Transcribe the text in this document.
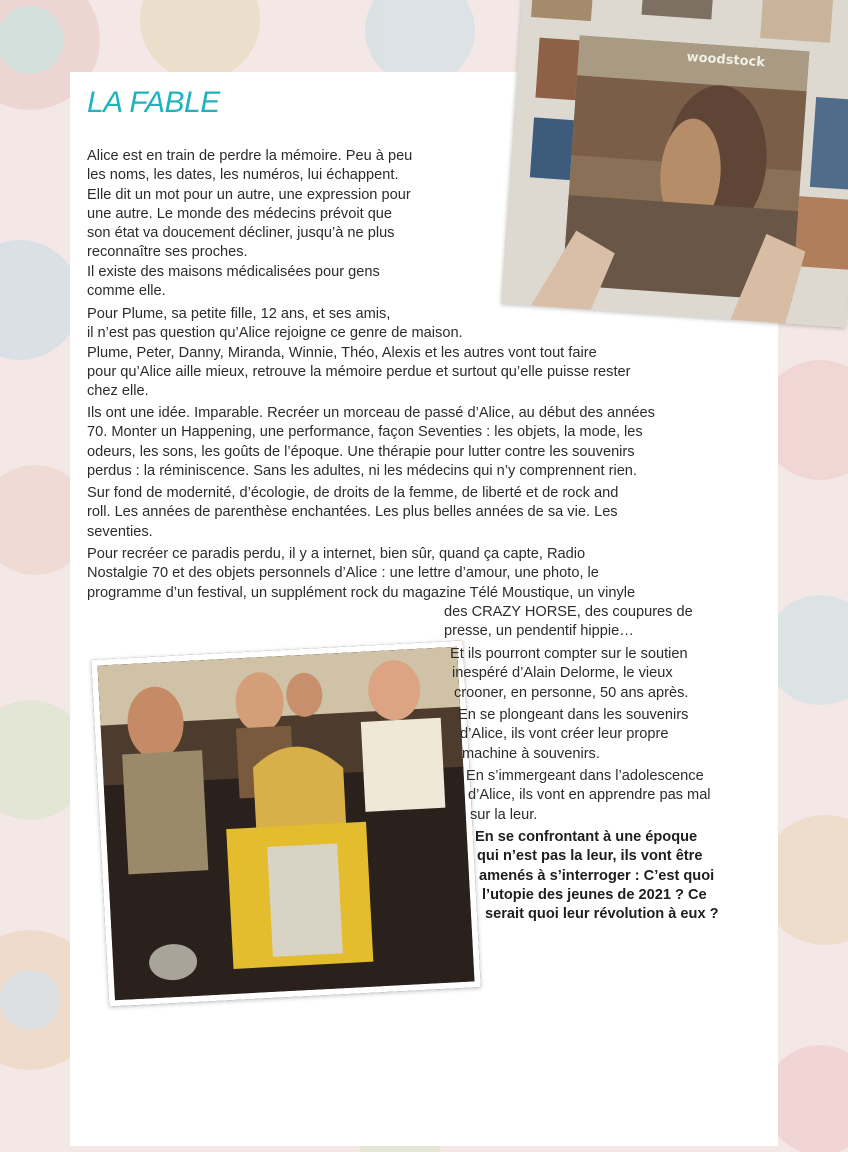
LA FABLE
woodstock
Alice est en train de perdre la mémoire. Peu à peu
les noms, les dates, les numéros, lui échappent.
Elle dit un mot pour un autre, une expression pour
une autre. Le monde des médecins prévoit que
son état va doucement décliner, jusqu’à ne plus
reconnaître ses proches.
Il existe des maisons médicalisées pour gens
comme elle.
Pour Plume, sa petite fille, 12 ans, et ses amis,
il n’est pas question qu’Alice rejoigne ce genre de maison.
Plume, Peter, Danny, Miranda, Winnie, Théo, Alexis et les autres vont tout faire
pour qu’Alice aille mieux, retrouve la mémoire perdue et surtout qu’elle puisse rester
chez elle.
Ils ont une idée. Imparable. Recréer un morceau de passé d’Alice, au début des années
70. Monter un Happening, une performance, façon Seventies : les objets, la mode, les
odeurs, les sons, les goûts de l’époque. Une thérapie pour lutter contre les souvenirs
perdus : la réminiscence. Sans les adultes, ni les médecins qui n’y comprennent rien.
Sur fond de modernité, d’écologie, de droits de la femme, de liberté et de rock and
roll. Les années de parenthèse enchantées. Les plus belles années de sa vie. Les
seventies.
Pour recréer ce paradis perdu, il y a internet, bien sûr, quand ça capte, Radio
Nostalgie 70 et des objets personnels d’Alice : une lettre d’amour, une photo, le
programme d’un festival, un supplément rock du magazine Télé Moustique, un vinyle
des CRAZY HORSE, des coupures de
presse, un pendentif hippie…
Et ils pourront compter sur le soutien
inespéré d’Alain Delorme, le vieux
crooner, en personne, 50 ans après.
En se plongeant dans les souvenirs
d’Alice, ils vont créer leur propre
machine à souvenirs.
En s’immergeant dans l’adolescence
d’Alice, ils vont en apprendre pas mal
sur la leur.
En se confrontant à une époque
qui n’est pas la leur, ils vont être
amenés à s’interroger : C’est quoi
l’utopie des jeunes de 2021 ? Ce
serait quoi leur révolution à eux ?
